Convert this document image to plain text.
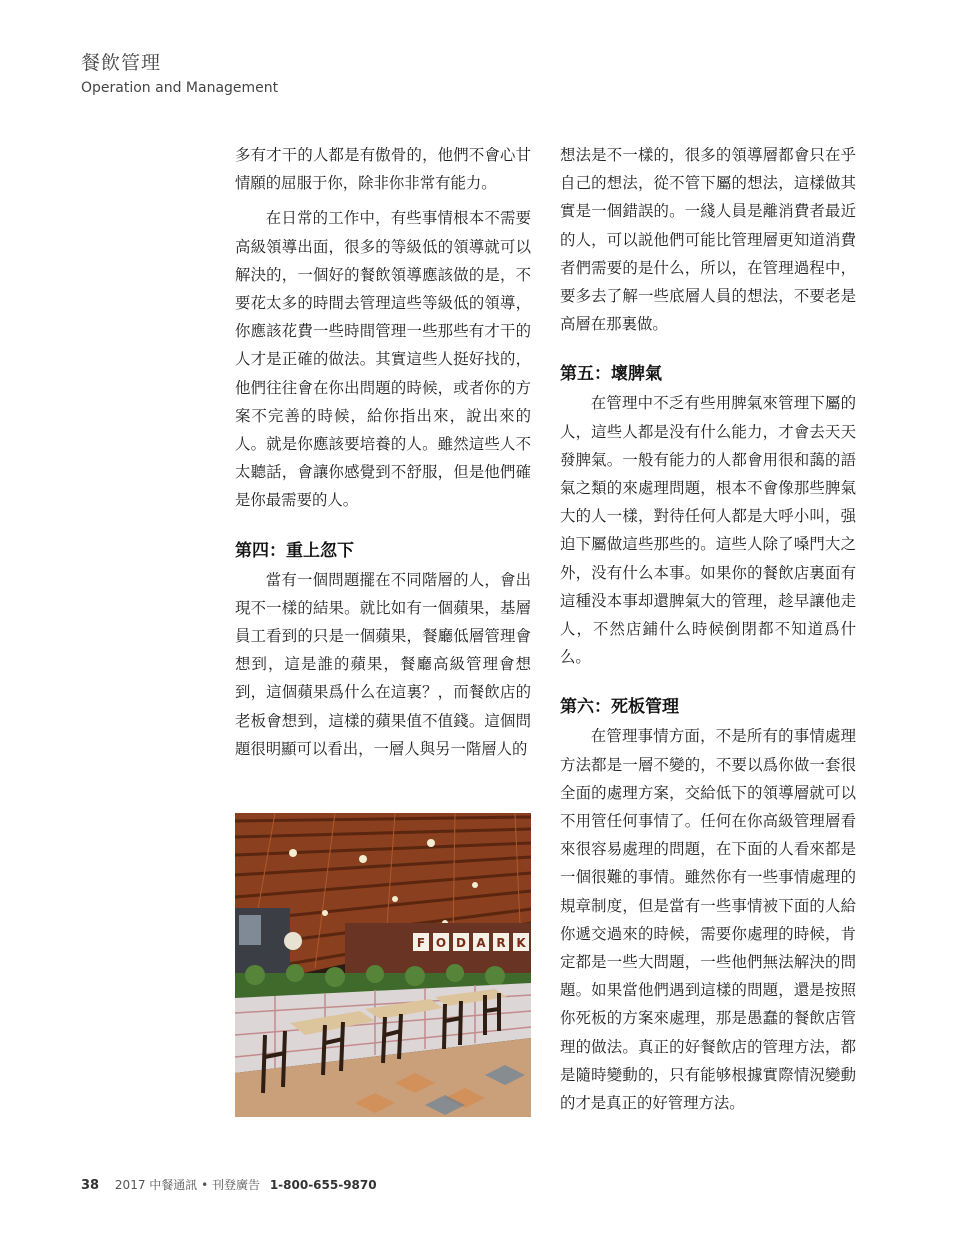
餐飲管理
Operation and Management

多有才干的人都是有傲骨的，他們不會心甘情願的屈服于你，除非你非常有能力。

在日常的工作中，有些事情根本不需要高級領導出面，很多的等級低的領導就可以解決的，一個好的餐飲領導應該做的是，不要花太多的時間去管理這些等級低的領導，你應該花費一些時間管理一些那些有才干的人才是正確的做法。其實這些人挺好找的，他們往往會在你出問題的時候，或者你的方案不完善的時候，給你指出來，說出來的人。就是你應該要培養的人。雖然這些人不太聽話，會讓你感覺到不舒服，但是他們確是你最需要的人。

第四：重上忽下

當有一個問題擺在不同階層的人，會出現不一樣的結果。就比如有一個蘋果，基層員工看到的只是一個蘋果，餐廳低層管理會想到，這是誰的蘋果，餐廳高級管理會想到，這個蘋果爲什么在這裏？，而餐飲店的老板會想到，這樣的蘋果值不值錢。這個問題很明顯可以看出，一層人與另一階層人的

想法是不一樣的，很多的領導層都會只在乎自己的想法，從不管下屬的想法，這樣做其實是一個錯誤的。一綫人員是離消費者最近的人，可以説他們可能比管理層更知道消費者們需要的是什么，所以，在管理過程中，要多去了解一些底層人員的想法，不要老是高層在那裏做。

第五：壞脾氣

在管理中不乏有些用脾氣來管理下屬的人，這些人都是没有什么能力，才會去天天發脾氣。一般有能力的人都會用很和藹的語氣之類的來處理問題，根本不會像那些脾氣大的人一樣，對待任何人都是大呼小叫，强迫下屬做這些那些的。這些人除了嗓門大之外，没有什么本事。如果你的餐飲店裏面有這種没本事却還脾氣大的管理，趁早讓他走人，不然店鋪什么時候倒閉都不知道爲什么。

第六：死板管理

在管理事情方面，不是所有的事情處理方法都是一層不變的，不要以爲你做一套很全面的處理方案，交給低下的領導層就可以不用管任何事情了。任何在你高級管理層看來很容易處理的問題，在下面的人看來都是一個很難的事情。雖然你有一些事情處理的規章制度，但是當有一些事情被下面的人給你遞交過來的時候，需要你處理的時候，肯定都是一些大問題，一些他們無法解決的問題。如果當他們遇到這樣的問題，還是按照你死板的方案來處理，那是愚蠢的餐飲店管理的做法。真正的好餐飲店的管理方法，都是隨時變動的，只有能够根據實際情況變動的才是真正的好管理方法。

F O D A R K
38 2017 中餐通訊 • 刊登廣告 1-800-655-9870
